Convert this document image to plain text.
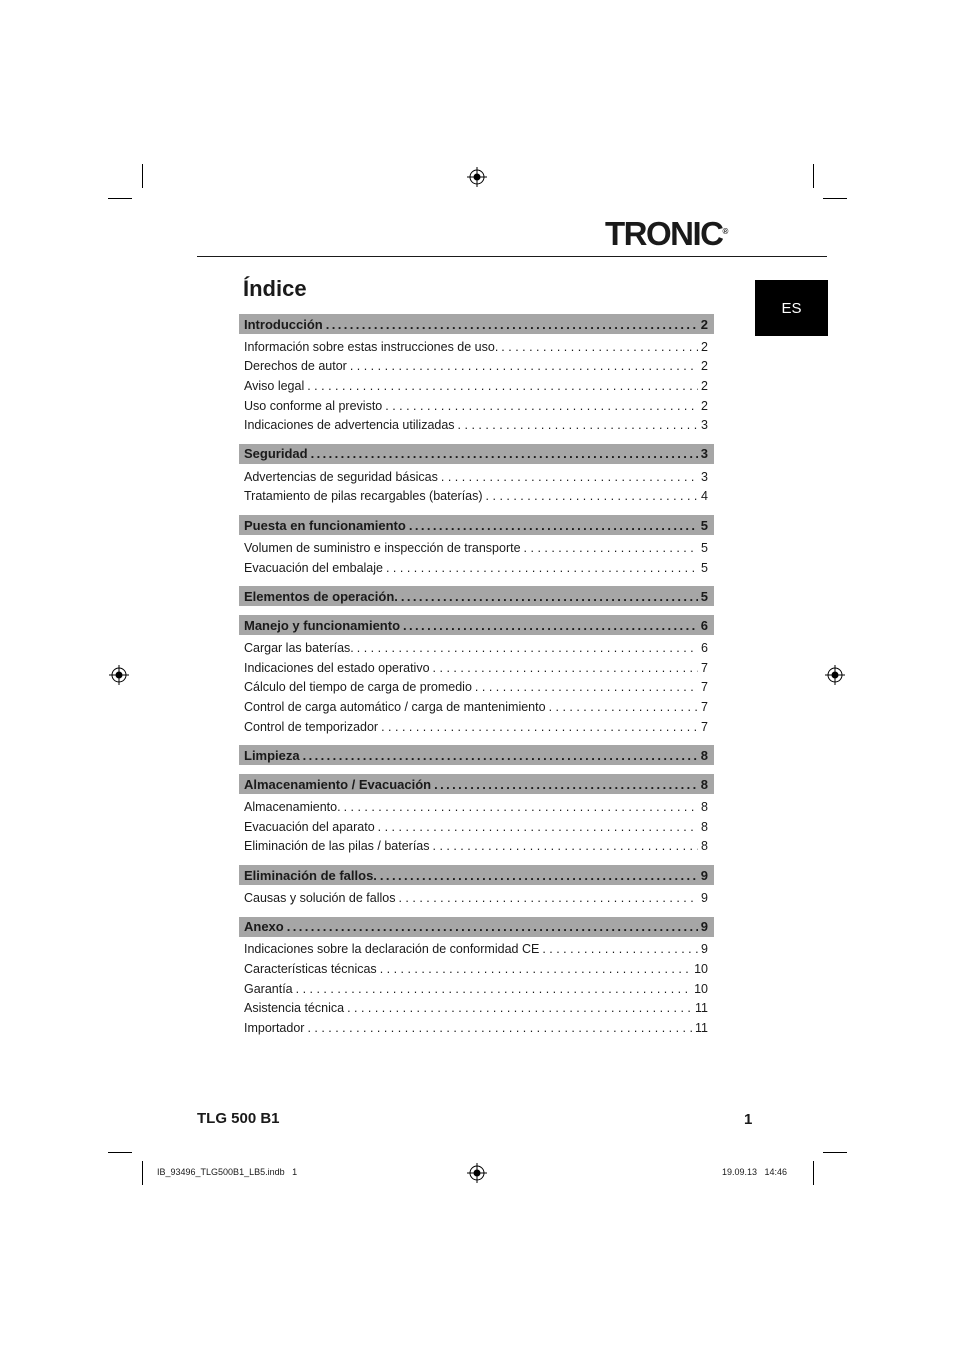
TRONIC®
Índice
ES
Introducción .....	2
Información sobre estas instrucciones de uso. . . .	2
Derechos de autor . . .	2
Aviso legal . . .	2
Uso conforme al previsto . . .	2
Indicaciones de advertencia utilizadas . . .	3
Seguridad .....	3
Advertencias de seguridad básicas . . .	3
Tratamiento de pilas recargables (baterías) . . .	4
Puesta en funcionamiento .....	5
Volumen de suministro e inspección de transporte . . .	5
Evacuación del embalaje . . .	5
Elementos de operación. .....	5
Manejo y funcionamiento .....	6
Cargar las baterías. . . .	6
Indicaciones del estado operativo . . .	7
Cálculo del tiempo de carga de promedio . . .	7
Control de carga automático / carga de mantenimiento . . .	7
Control de temporizador . . .	7
Limpieza .....	8
Almacenamiento / Evacuación .....	8
Almacenamiento. . . .	8
Evacuación del aparato . . .	8
Eliminación de las pilas / baterías . . .	8
Eliminación de fallos. .....	9
Causas y solución de fallos . . .	9
Anexo .....	9
Indicaciones sobre la declaración de conformidad CE . . .	9
Características técnicas . . .	10
Garantía . . .	10
Asistencia técnica . . .	11
Importador . . .	11
TLG 500 B1	1
IB_93496_TLG500B1_LB5.indb   1	19.09.13   14:46
